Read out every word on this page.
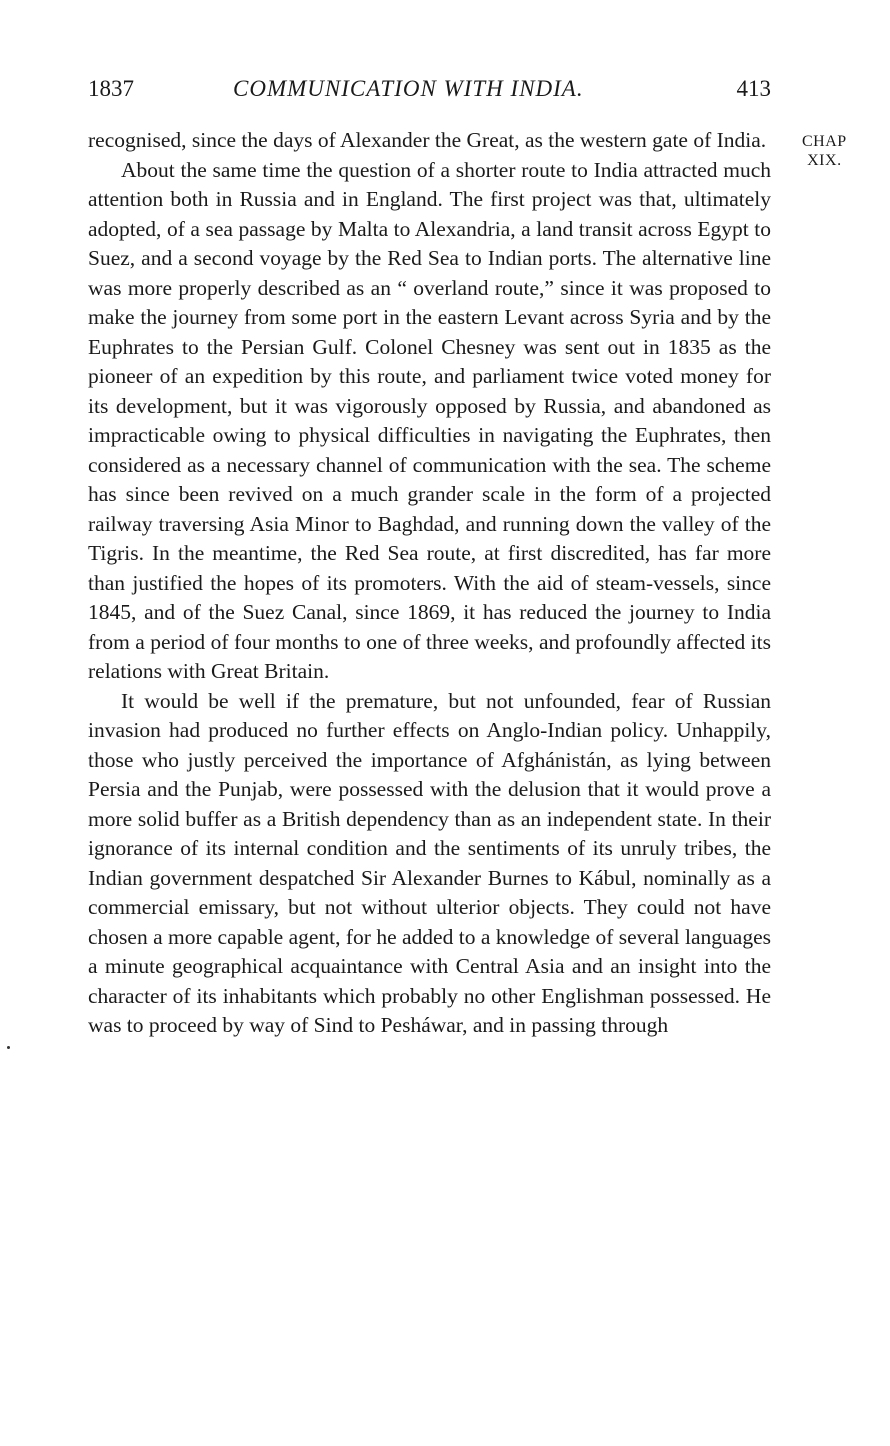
1837	COMMUNICATION WITH INDIA.	413
CHAP
XIX.

recognised, since the days of Alexander the Great, as the western gate of India.

About the same time the question of a shorter route to India attracted much attention both in Russia and in England. The first project was that, ultimately adopted, of a sea passage by Malta to Alexandria, a land transit across Egypt to Suez, and a second voyage by the Red Sea to Indian ports. The alternative line was more properly described as an “ overland route,” since it was proposed to make the journey from some port in the eastern Levant across Syria and by the Euphrates to the Persian Gulf. Colonel Chesney was sent out in 1835 as the pioneer of an expedition by this route, and parliament twice voted money for its development, but it was vigorously opposed by Russia, and abandoned as impracticable owing to physical difficulties in navigating the Euphrates, then considered as a necessary channel of communication with the sea. The scheme has since been revived on a much grander scale in the form of a projected railway traversing Asia Minor to Baghdad, and running down the valley of the Tigris. In the meantime, the Red Sea route, at first discredited, has far more than justified the hopes of its promoters. With the aid of steam-vessels, since 1845, and of the Suez Canal, since 1869, it has reduced the journey to India from a period of four months to one of three weeks, and profoundly affected its relations with Great Britain.

It would be well if the premature, but not unfounded, fear of Russian invasion had produced no further effects on Anglo-Indian policy. Unhappily, those who justly perceived the importance of Afghánistán, as lying between Persia and the Punjab, were possessed with the delusion that it would prove a more solid buffer as a British dependency than as an independent state. In their ignorance of its internal condition and the sentiments of its unruly tribes, the Indian government despatched Sir Alexander Burnes to Kábul, nominally as a commercial emissary, but not without ulterior objects. They could not have chosen a more capable agent, for he added to a knowledge of several languages a minute geographical acquaintance with Central Asia and an insight into the character of its inhabitants which probably no other Englishman possessed. He was to proceed by way of Sind to Pesháwar, and in passing through
